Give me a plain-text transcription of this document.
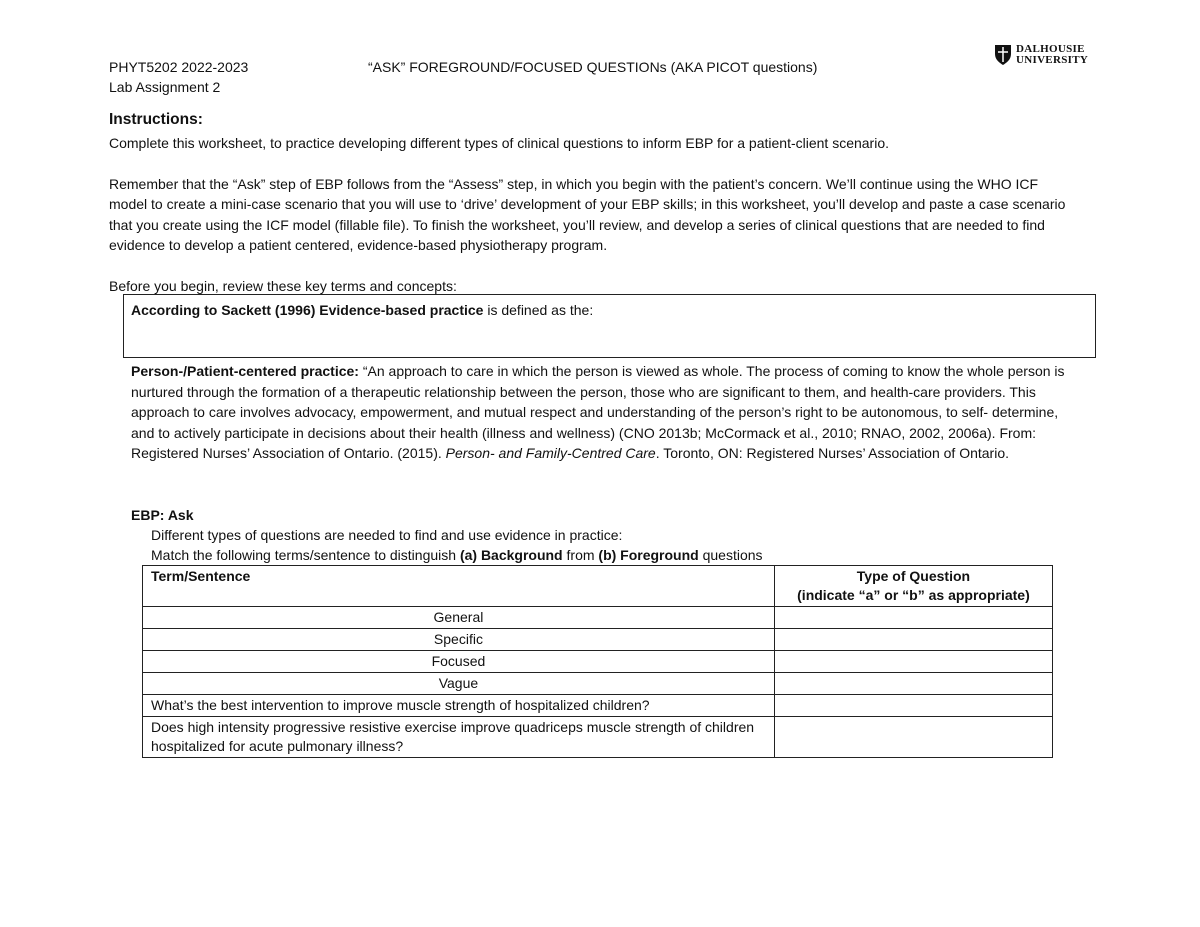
PHYT5202 2022-2023
Lab Assignment 2
“ASK” FOREGROUND/FOCUSED QUESTIONs (AKA PICOT questions)
DALHOUSIE
UNIVERSITY
Instructions:

Complete this worksheet, to practice developing different types of clinical questions to inform EBP for a patient-client scenario.

Remember that the “Ask” step of EBP follows from the “Assess” step, in which you begin with the patient’s concern. We’ll continue using the WHO ICF model to create a mini-case scenario that you will use to ‘drive’ development of your EBP skills; in this worksheet, you’ll develop and paste a case scenario that you create using the ICF model (fillable file). To finish the worksheet, you’ll review, and develop a series of clinical questions that are needed to find evidence to develop a patient centered, evidence-based physiotherapy program.

Before you begin, review these key terms and concepts:

According to Sackett (1996) Evidence-based practice is defined as the:
Person-/Patient-centered practice: “An approach to care in which the person is viewed as whole. The process of coming to know the whole person is nurtured through the formation of a therapeutic relationship between the person, those who are significant to them, and health-care providers. This approach to care involves advocacy, empowerment, and mutual respect and understanding of the person’s right to be autonomous, to self- determine, and to actively participate in decisions about their health (illness and wellness) (CNO 2013b; McCormack et al., 2010; RNAO, 2002, 2006a). From: Registered Nurses’ Association of Ontario. (2015). Person- and Family-Centred Care. Toronto, ON: Registered Nurses’ Association of Ontario.
EBP: Ask
Different types of questions are needed to find and use evidence in practice:
Match the following terms/sentence to distinguish (a) Background from (b) Foreground questions
Term/Sentence	Type of Question
(indicate “a” or “b” as appropriate)

General	
Specific	
Focused	
Vague	
What’s the best intervention to improve muscle strength of hospitalized children?	
Does high intensity progressive resistive exercise improve quadriceps muscle strength of children hospitalized for acute pulmonary illness?	
